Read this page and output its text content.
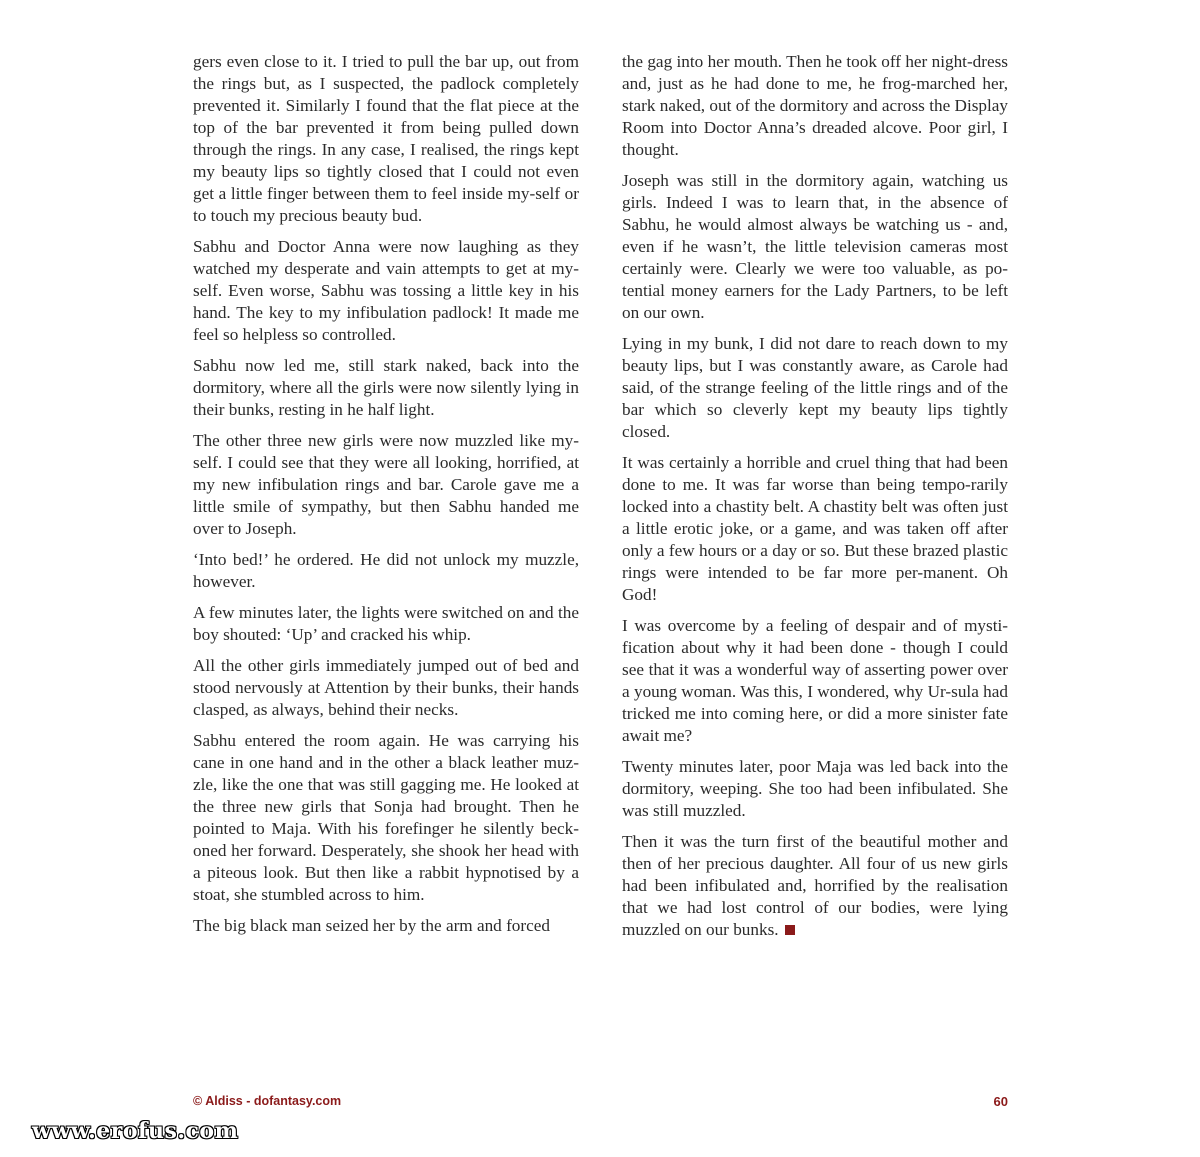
gers even close to it. I tried to pull the bar up, out from the rings but, as I suspected, the padlock completely prevented it. Similarly I found that the flat piece at the top of the bar prevented it from being pulled down through the rings. In any case, I realised, the rings kept my beauty lips so tightly closed that I could not even get a little finger between them to feel inside my-self or to touch my precious beauty bud.

Sabhu and Doctor Anna were now laughing as they watched my desperate and vain attempts to get at my-self. Even worse, Sabhu was tossing a little key in his hand. The key to my infibulation padlock! It made me feel so helpless so controlled.

Sabhu now led me, still stark naked, back into the dormitory, where all the girls were now silently lying in their bunks, resting in he half light.

The other three new girls were now muzzled like my-self. I could see that they were all looking, horrified, at my new infibulation rings and bar. Carole gave me a little smile of sympathy, but then Sabhu handed me over to Joseph.

‘Into bed!’ he ordered. He did not unlock my muzzle, however.

A few minutes later, the lights were switched on and the boy shouted: ‘Up’ and cracked his whip.

All the other girls immediately jumped out of bed and stood nervously at Attention by their bunks, their hands clasped, as always, behind their necks.

Sabhu entered the room again. He was carrying his cane in one hand and in the other a black leather muz-zle, like the one that was still gagging me. He looked at the three new girls that Sonja had brought. Then he pointed to Maja. With his forefinger he silently beck-oned her forward. Desperately, she shook her head with a piteous look. But then like a rabbit hypnotised by a stoat, she stumbled across to him.

The big black man seized her by the arm and forced

the gag into her mouth. Then he took off her night-dress and, just as he had done to me, he frog-marched her, stark naked, out of the dormitory and across the Display Room into Doctor Anna’s dreaded alcove. Poor girl, I thought.

Joseph was still in the dormitory again, watching us girls. Indeed I was to learn that, in the absence of Sabhu, he would almost always be watching us - and, even if he wasn’t, the little television cameras most certainly were. Clearly we were too valuable, as po-tential money earners for the Lady Partners, to be left on our own.

Lying in my bunk, I did not dare to reach down to my beauty lips, but I was constantly aware, as Carole had said, of the strange feeling of the little rings and of the bar which so cleverly kept my beauty lips tightly closed.

It was certainly a horrible and cruel thing that had been done to me. It was far worse than being tempo-rarily locked into a chastity belt. A chastity belt was often just a little erotic joke, or a game, and was taken off after only a few hours or a day or so. But these brazed plastic rings were intended to be far more per-manent. Oh God!

I was overcome by a feeling of despair and of mysti-fication about why it had been done - though I could see that it was a wonderful way of asserting power over a young woman. Was this, I wondered, why Ur-sula had tricked me into coming here, or did a more sinister fate await me?

Twenty minutes later, poor Maja was led back into the dormitory, weeping. She too had been infibulated. She was still muzzled.

Then it was the turn first of the beautiful mother and then of her precious daughter. All four of us new girls had been infibulated and, horrified by the realisation that we had lost control of our bodies, were lying muzzled on our bunks.

© Aldiss - dofantasy.com	60
www.erofus.com
